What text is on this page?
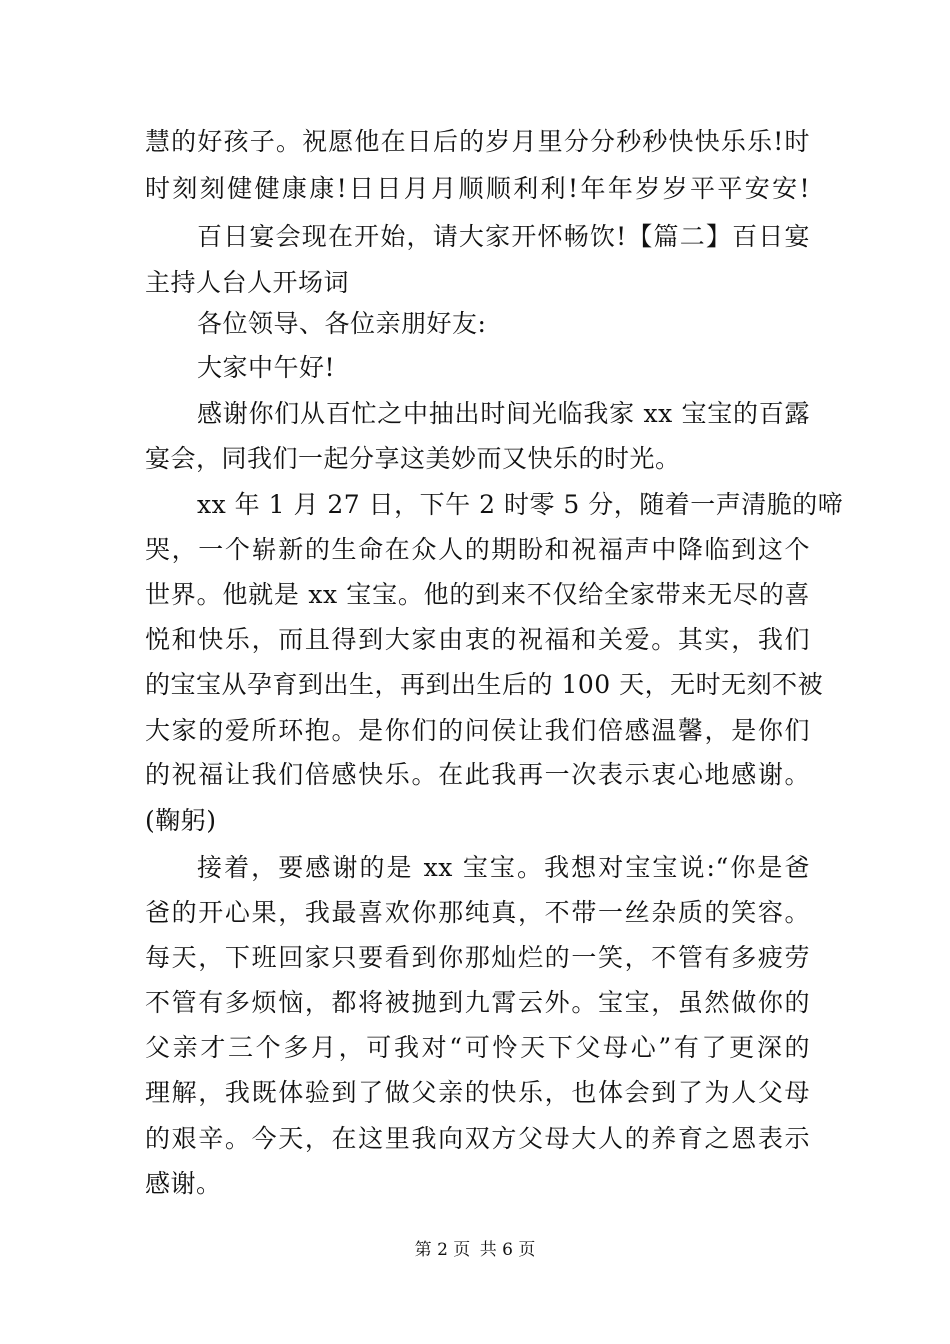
慧的好孩子。祝愿他在日后的岁月里分分秒秒快快乐乐!时
时刻刻健健康康!日日月月顺顺利利!年年岁岁平平安安!
百日宴会现在开始，请大家开怀畅饮!【篇二】百日宴
主持人台人开场词
各位领导、各位亲朋好友:
大家中午好!
感谢你们从百忙之中抽出时间光临我家 xx 宝宝的百露
宴会，同我们一起分享这美妙而又快乐的时光。
xx 年 1 月 27 日，下午 2 时零 5 分，随着一声清脆的啼
哭，一个崭新的生命在众人的期盼和祝福声中降临到这个
世界。他就是 xx 宝宝。他的到来不仅给全家带来无尽的喜
悦和快乐，而且得到大家由衷的祝福和关爱。其实，我们
的宝宝从孕育到出生，再到出生后的 100 天，无时无刻不被
大家的爱所环抱。是你们的问侯让我们倍感温馨，是你们
的祝福让我们倍感快乐。在此我再一次表示衷心地感谢。
(鞠躬)
接着，要感谢的是 xx 宝宝。我想对宝宝说:“你是爸
爸的开心果，我最喜欢你那纯真，不带一丝杂质的笑容。
每天，下班回家只要看到你那灿烂的一笑，不管有多疲劳
不管有多烦恼，都将被抛到九霄云外。宝宝，虽然做你的
父亲才三个多月，可我对“可怜天下父母心”有了更深的
理解，我既体验到了做父亲的快乐，也体会到了为人父母
的艰辛。今天，在这里我向双方父母大人的养育之恩表示
感谢。
第 2 页 共 6 页
